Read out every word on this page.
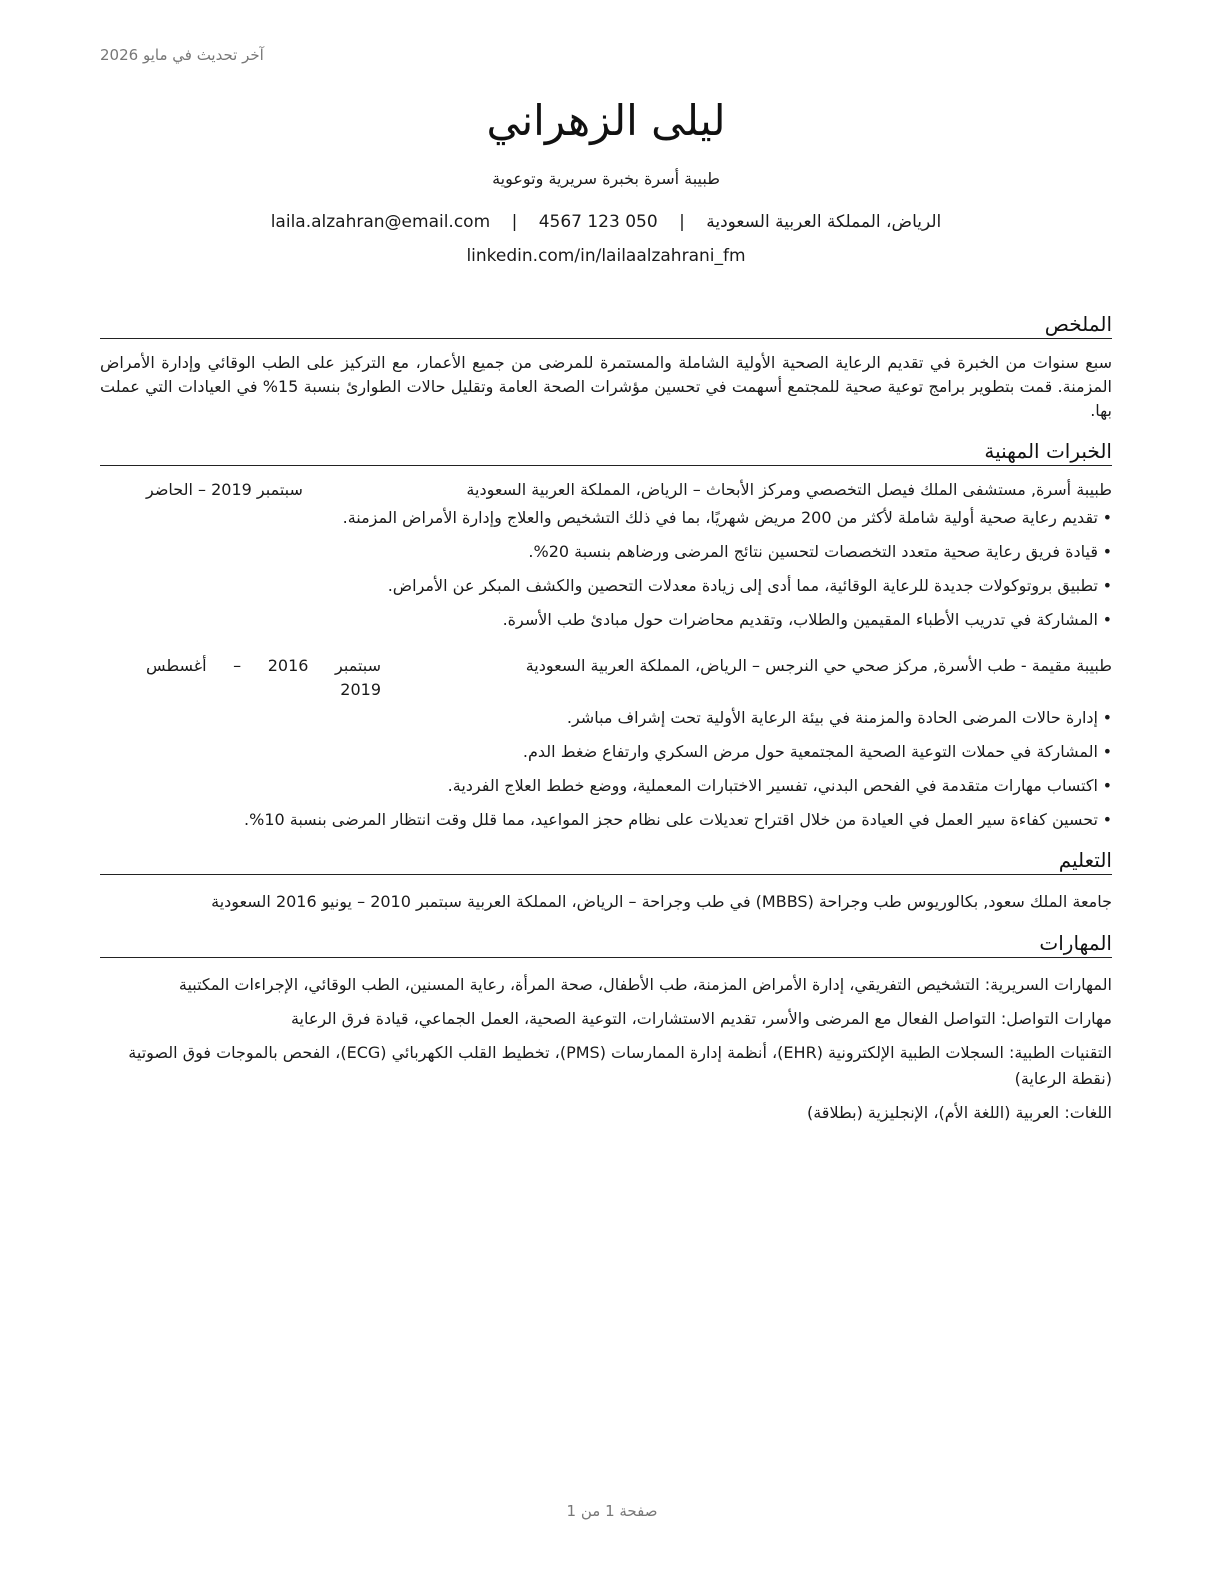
آخر تحديث في مايو 2026
ليلى الزهراني
طبيبة أسرة بخبرة سريرية وتوعوية
الرياض، المملكة العربية السعودية | laila.alzahran@email.com | 4567 123 050
linkedin.com/in/lailaalzahrani_fm
الملخص

سبع سنوات من الخبرة في تقديم الرعاية الصحية الأولية الشاملة والمستمرة للمرضى من جميع الأعمار، مع التركيز على الطب الوقائي وإدارة الأمراض المزمنة. قمت بتطوير برامج توعية صحية للمجتمع أسهمت في تحسين مؤشرات الصحة العامة وتقليل حالات الطوارئ بنسبة 15% في العيادات التي عملت بها.

الخبرات المهنية
طبيبة أسرة, مستشفى الملك فيصل التخصصي ومركز الأبحاث – الرياض، المملكة العربية السعودية
سبتمبر 2019 – الحاضر
• تقديم رعاية صحية أولية شاملة لأكثر من 200 مريض شهريًا، بما في ذلك التشخيص والعلاج وإدارة الأمراض المزمنة.
• قيادة فريق رعاية صحية متعدد التخصصات لتحسين نتائج المرضى ورضاهم بنسبة 20%.
• تطبيق بروتوكولات جديدة للرعاية الوقائية، مما أدى إلى زيادة معدلات التحصين والكشف المبكر عن الأمراض.
• المشاركة في تدريب الأطباء المقيمين والطلاب، وتقديم محاضرات حول مبادئ طب الأسرة.
طبيبة مقيمة - طب الأسرة, مركز صحي حي النرجس – الرياض، المملكة العربية السعودية
سبتمبر 2016 – أغسطس
2019
• إدارة حالات المرضى الحادة والمزمنة في بيئة الرعاية الأولية تحت إشراف مباشر.
• المشاركة في حملات التوعية الصحية المجتمعية حول مرض السكري وارتفاع ضغط الدم.
• اكتساب مهارات متقدمة في الفحص البدني، تفسير الاختبارات المعملية، ووضع خطط العلاج الفردية.
• تحسين كفاءة سير العمل في العيادة من خلال اقتراح تعديلات على نظام حجز المواعيد، مما قلل وقت انتظار المرضى بنسبة 10%.
التعليم

جامعة الملك سعود, بكالوريوس طب وجراحة (MBBS) في طب وجراحة – الرياض، المملكة العربية سبتمبر 2010 – يونيو 2016 السعودية

المهارات

المهارات السريرية: التشخيص التفريقي، إدارة الأمراض المزمنة، طب الأطفال، صحة المرأة، رعاية المسنين، الطب الوقائي، الإجراءات المكتبية

مهارات التواصل: التواصل الفعال مع المرضى والأسر، تقديم الاستشارات، التوعية الصحية، العمل الجماعي، قيادة فرق الرعاية

التقنيات الطبية: السجلات الطبية الإلكترونية (EHR)، أنظمة إدارة الممارسات (PMS)، تخطيط القلب الكهربائي (ECG)، الفحص بالموجات فوق الصوتية (نقطة الرعاية)

اللغات: العربية (اللغة الأم)، الإنجليزية (بطلاقة)

صفحة 1 من 1
